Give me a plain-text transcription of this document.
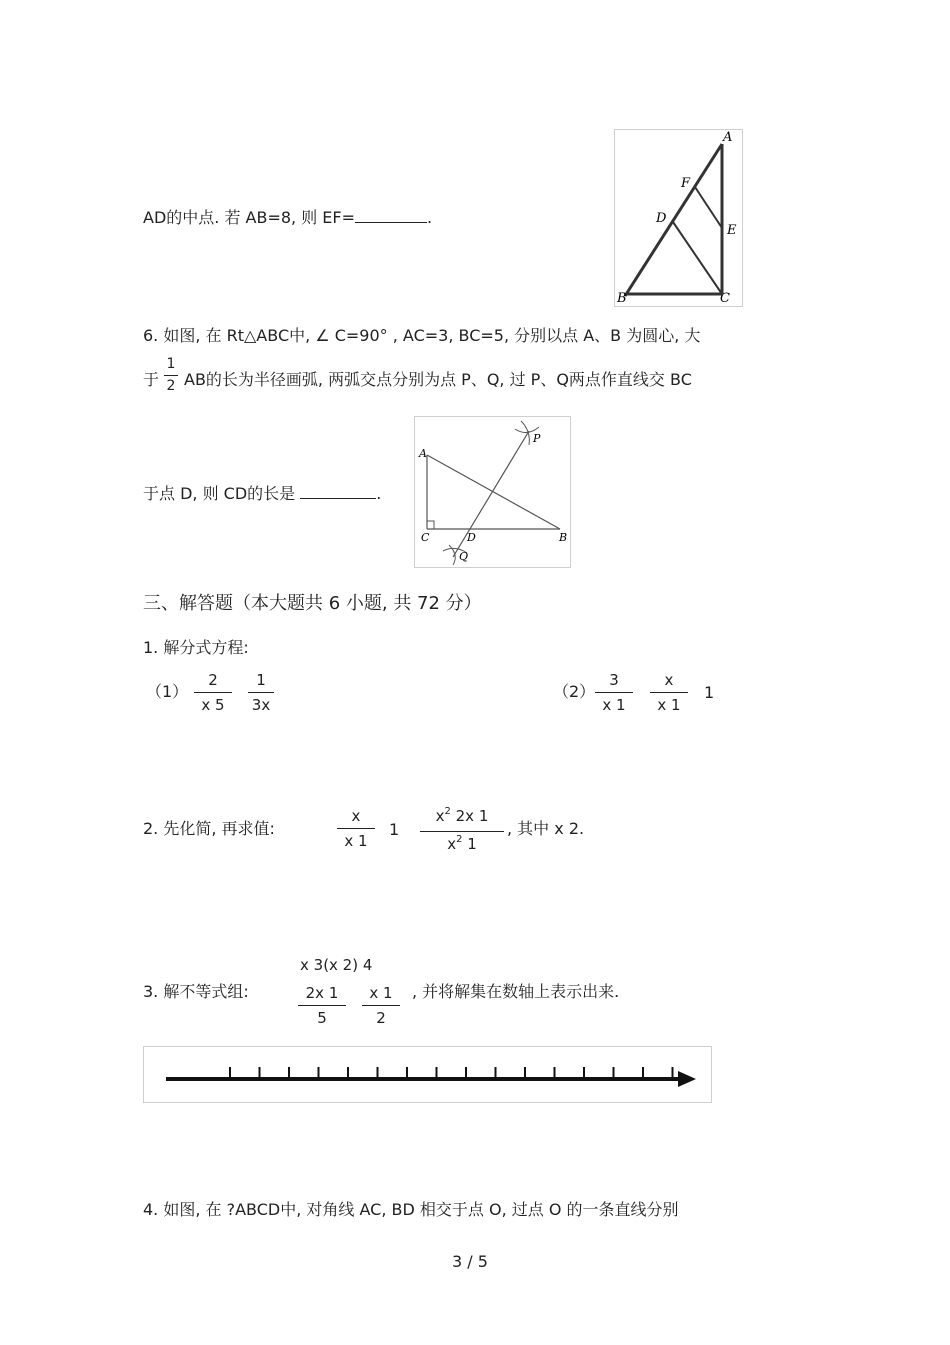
AD的中点. 若 AB=8, 则 EF=	.
A
F
D
E
B	C
6. 如图, 在 Rt△ABC中, ∠ C=90° , AC=3, BC=5, 分别以点 A、B 为圆心, 大
于
1
2 AB的长为半径画弧, 两弧交点分别为点 P、Q, 过 P、Q两点作直线交 BC
于点 D, 则 CD的长是	.
P
A
C	D	B
Q
三、解答题（本大题共 6 小题, 共 72 分）
1. 解分式方程:
（1）
2
x 5
1
3x
（2）
3
x 1
x
x 1
1
2. 先化简, 再求值:
x
x 1
1
$x^2$ 2x 1
$x^2$ 1
, 其中 x 2.
3. 解不等式组:
x 3(x 2) 4
2x 1
5
x 1
2
, 并将解集在数轴上表示出来.
4. 如图, 在 ?ABCD中, 对角线 AC, BD 相交于点 O, 过点 O 的一条直线分别
3 / 5
